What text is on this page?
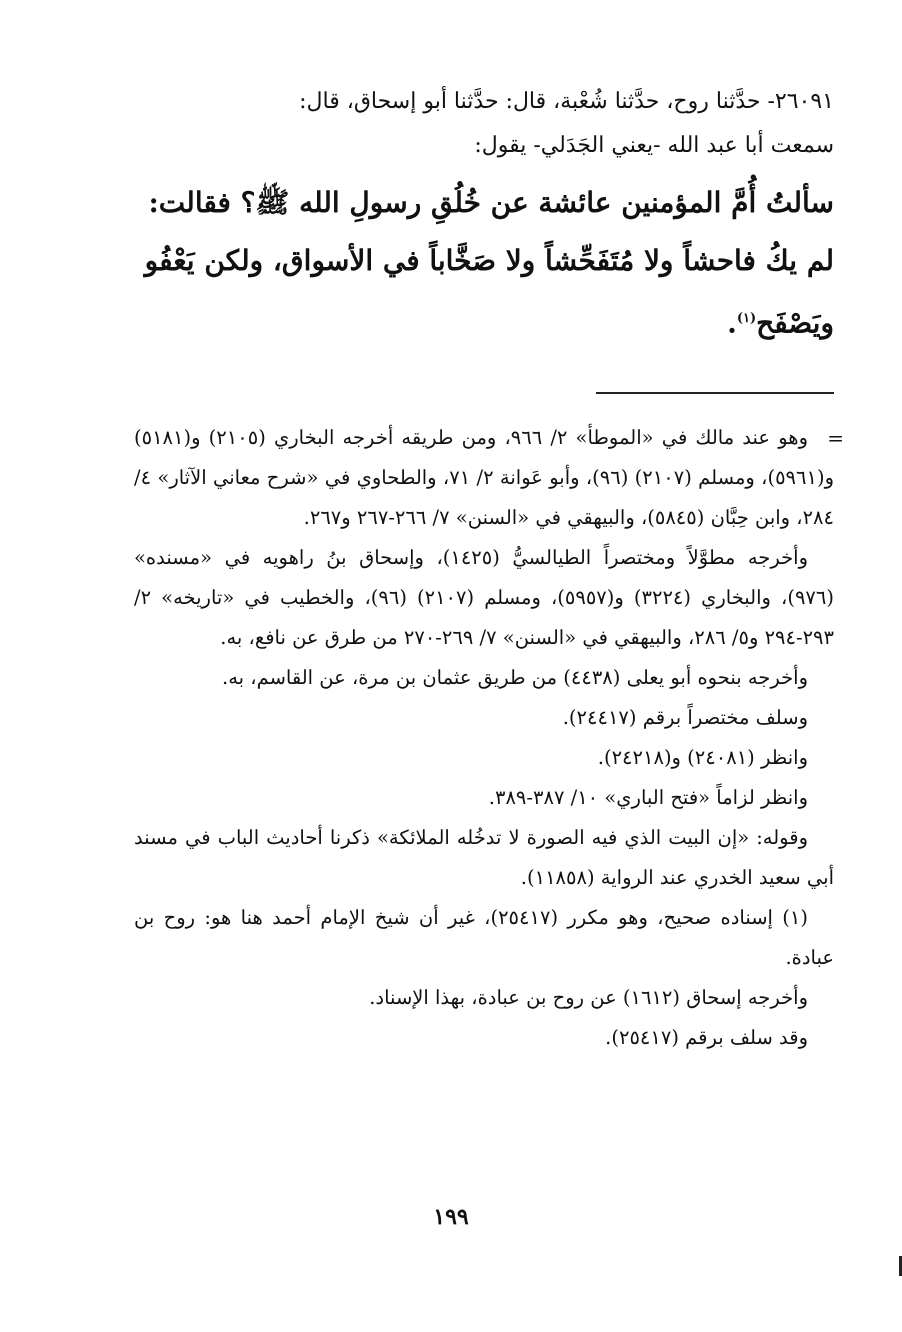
٢٦٠٩١- حدَّثنا روح، حدَّثنا شُعْبة، قال: حدَّثنا أبو إسحاق، قال:

سمعت أبا عبد الله -يعني الجَدَلي- يقول:

سألتُ أُمَّ المؤمنين عائشة عن خُلُقِ رسولِ الله ﷺ؟ فقالت:

لم يكُ فاحشاً ولا مُتَفَحِّشاً ولا صَخَّاباً في الأسواق، ولكن يَعْفُو

ويَصْفَح$^{(١)}$.

=

وهو عند مالك في «الموطأ» ٢/ ٩٦٦، ومن طريقه أخرجه البخاري (٢١٠٥) و(٥١٨١) و(٥٩٦١)، ومسلم (٢١٠٧) (٩٦)، وأبو عَوانة ٢/ ٧١، والطحاوي في «شرح معاني الآثار» ٤/ ٢٨٤، وابن حِبَّان (٥٨٤٥)، والبيهقي في «السنن» ٧/ ٢٦٦-٢٦٧ و٢٦٧.

وأخرجه مطوَّلاً ومختصراً الطيالسيُّ (١٤٢٥)، وإسحاق بنُ راهويه في «مسنده» (٩٧٦)، والبخاري (٣٢٢٤) و(٥٩٥٧)، ومسلم (٢١٠٧) (٩٦)، والخطيب في «تاريخه» ٢/ ٢٩٣-٢٩٤ و٥/ ٢٨٦، والبيهقي في «السنن» ٧/ ٢٦٩-٢٧٠ من طرق عن نافع، به.

وأخرجه بنحوه أبو يعلى (٤٤٣٨) من طريق عثمان بن مرة، عن القاسم، به.

وسلف مختصراً برقم (٢٤٤١٧).

وانظر (٢٤٠٨١) و(٢٤٢١٨).

وانظر لزاماً «فتح الباري» ١٠/ ٣٨٧-٣٨٩.

وقوله: «إن البيت الذي فيه الصورة لا تدخُله الملائكة» ذكرنا أحاديث الباب في مسند أبي سعيد الخدري عند الرواية (١١٨٥٨).

(١) إسناده صحيح، وهو مكرر (٢٥٤١٧)، غير أن شيخ الإمام أحمد هنا هو: روح بن عبادة.

وأخرجه إسحاق (١٦١٢) عن روح بن عبادة، بهذا الإسناد.

وقد سلف برقم (٢٥٤١٧).

١٩٩
